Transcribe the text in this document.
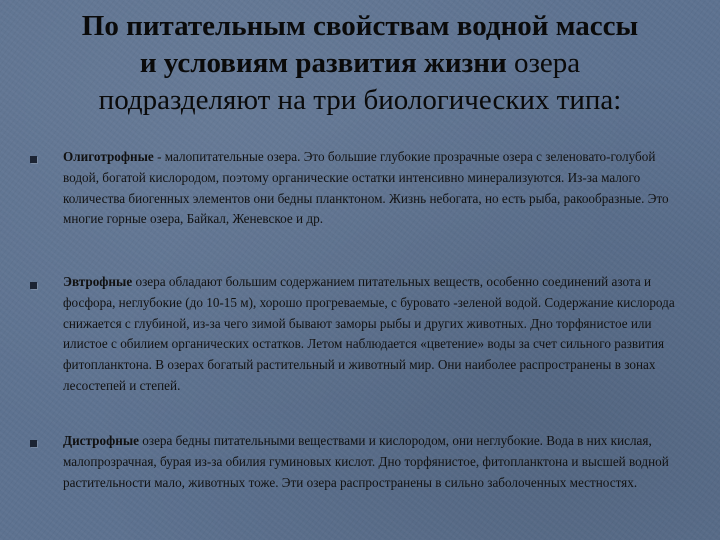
По питательным свойствам водной массы
и условиям развития жизни озера
подразделяют на три биологических типа:
Олиготрофные - малопитательные озера. Это большие глубокие прозрачные озера с зеленовато-голубой водой, богатой кислородом, поэтому органические остатки интенсивно минерализуются. Из-за малого количества биогенных элементов они бедны планктоном. Жизнь небогата, но есть рыба, ракообразные. Это многие горные озера, Байкал, Женевское и др.
Эвтрофные озера обладают большим содержанием питательных веществ, особенно соединений азота и фосфора, неглубокие (до 10-15 м), хорошо прогреваемые, с буровато -зеленой водой. Содержание кислорода снижается с глубиной, из-за чего зимой бывают заморы рыбы и других животных. Дно торфянистое или илистое с обилием органических остатков. Летом наблюдается «цветение» воды за счет сильного развития фитопланктона. В озерах богатый растительный и животный мир. Они наиболее распространены в зонах лесостепей и степей.
Дистрофные озера бедны питательными веществами и кислородом, они неглубокие. Вода в них кислая, малопрозрачная, бурая из-за обилия гуминовых кислот. Дно торфянистое, фитопланктона и высшей водной растительности мало, животных тоже. Эти озера распространены в сильно заболоченных местностях.
